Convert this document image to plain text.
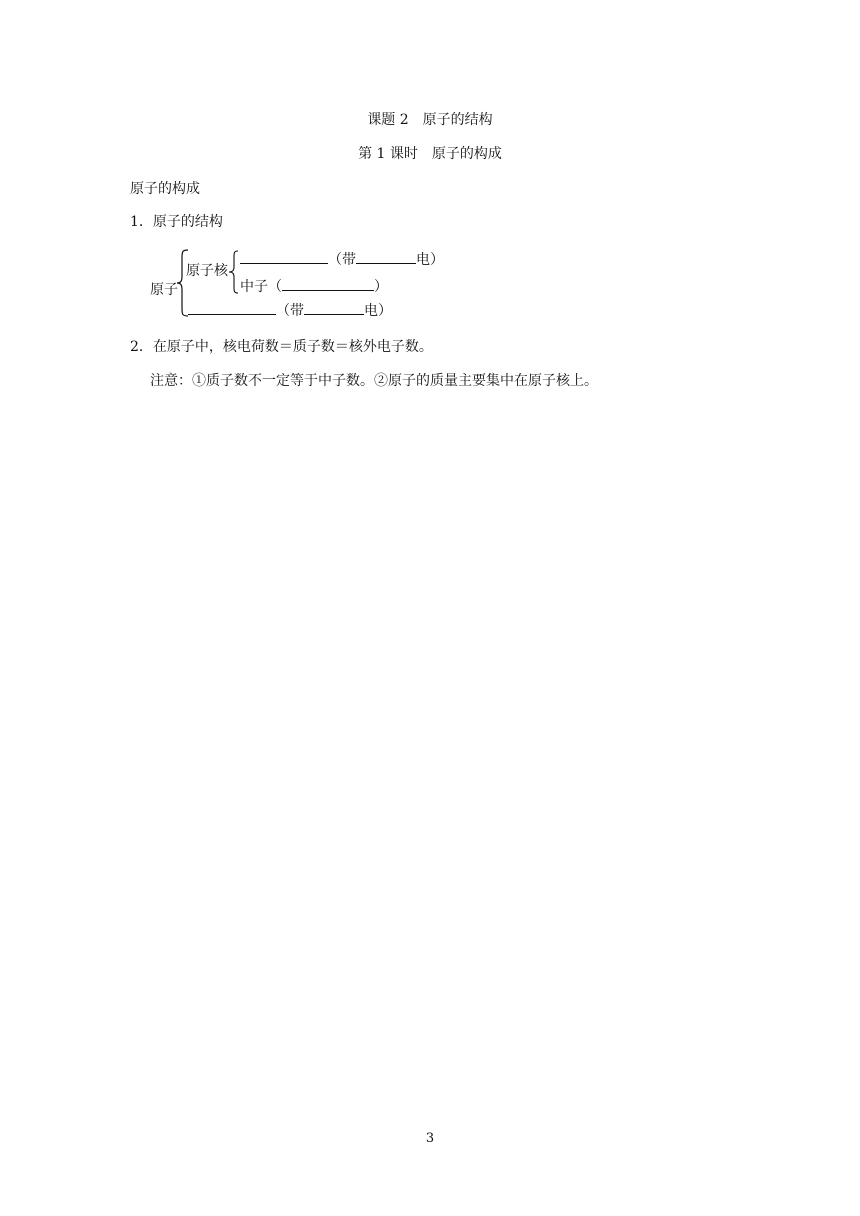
课题 2　原子的结构
第 1 课时　原子的构成
原子的构成
1．原子的结构
原子
原子核
（带	电）
中子（	）
（带	电）
2．在原子中，核电荷数＝质子数＝核外电子数。
注意：①质子数不一定等于中子数。②原子的质量主要集中在原子核上。
3
